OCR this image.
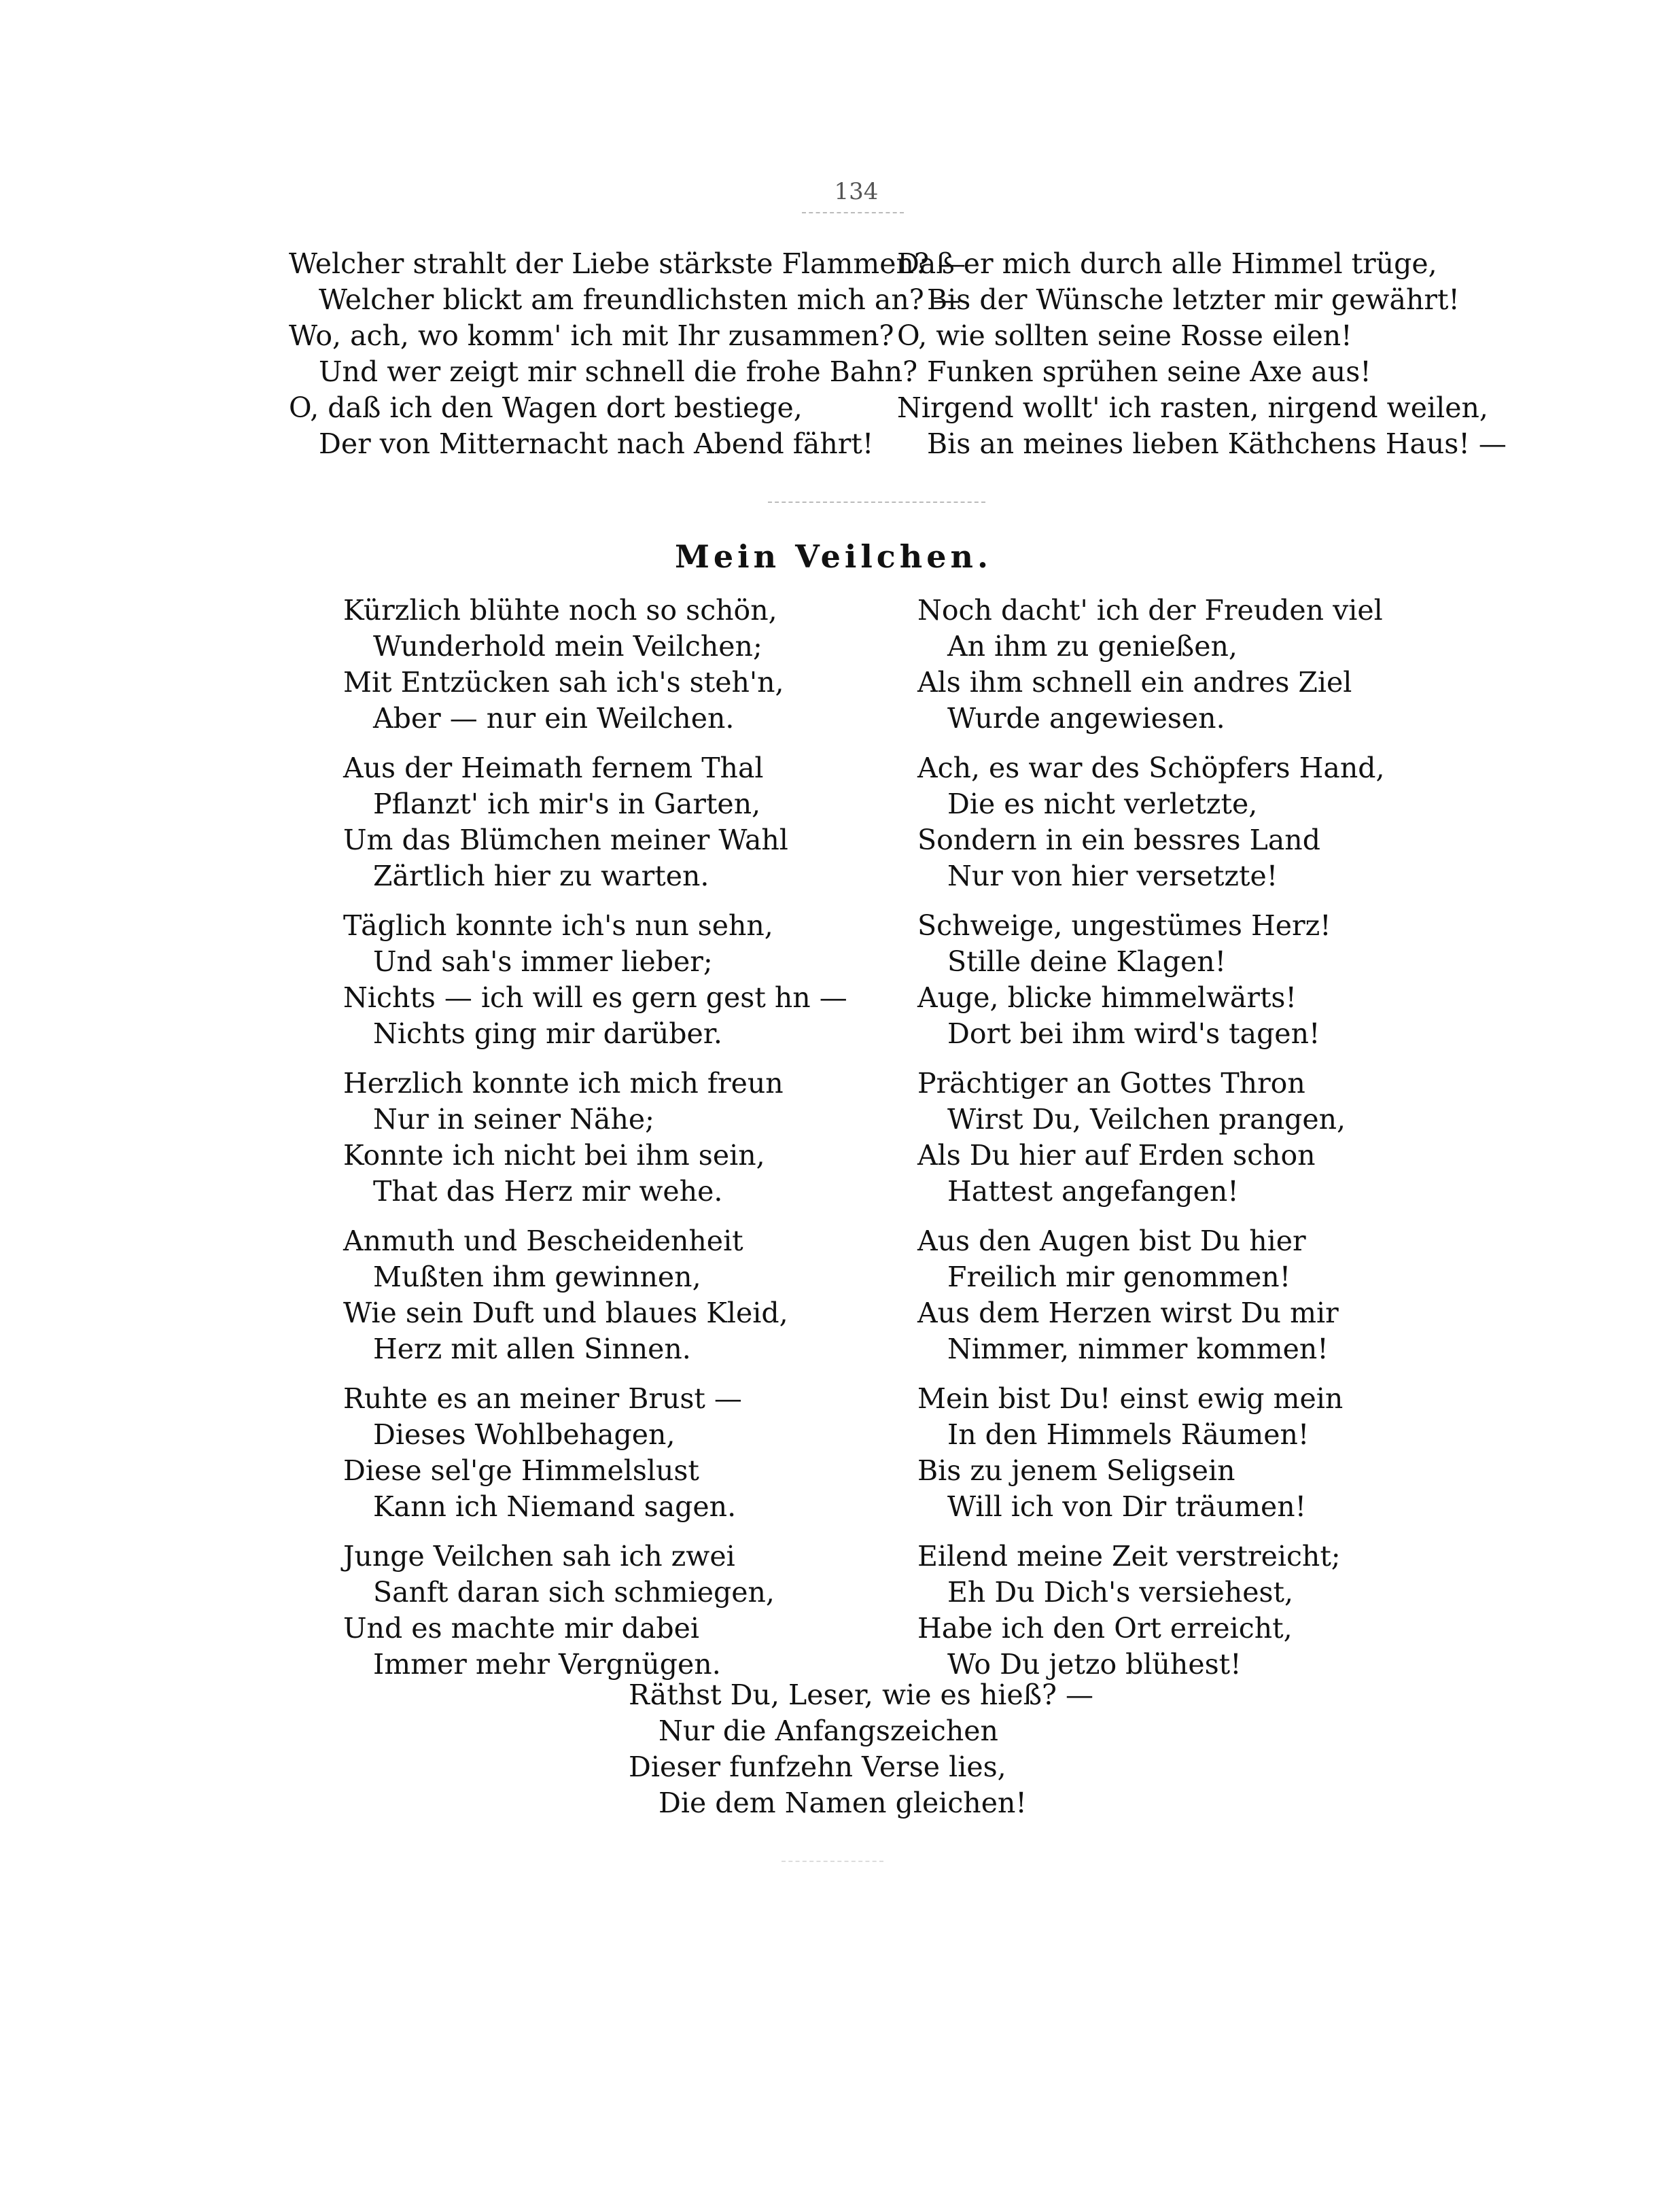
134
Welcher strahlt der Liebe stärkste Flammen? —
Welcher blickt am freundlichsten mich an? —
Wo, ach, wo komm' ich mit Ihr zusammen?
Und wer zeigt mir schnell die frohe Bahn?
O, daß ich den Wagen dort bestiege,
Der von Mitternacht nach Abend fährt!
Daß er mich durch alle Himmel trüge,
Bis der Wünsche letzter mir gewährt!
O, wie sollten seine Rosse eilen!
Funken sprühen seine Axe aus!
Nirgend wollt' ich rasten, nirgend weilen,
Bis an meines lieben Käthchens Haus! —
Mein Veilchen.
Kürzlich blühte noch so schön,
Wunderhold mein Veilchen;
Mit Entzücken sah ich's steh'n,
Aber — nur ein Weilchen.
Aus der Heimath fernem Thal
Pflanzt' ich mir's in Garten,
Um das Blümchen meiner Wahl
Zärtlich hier zu warten.
Täglich konnte ich's nun sehn,
Und sah's immer lieber;
Nichts — ich will es gern gest hn —
Nichts ging mir darüber.
Herzlich konnte ich mich freun
Nur in seiner Nähe;
Konnte ich nicht bei ihm sein,
That das Herz mir wehe.
Anmuth und Bescheidenheit
Mußten ihm gewinnen,
Wie sein Duft und blaues Kleid,
Herz mit allen Sinnen.
Ruhte es an meiner Brust —
Dieses Wohlbehagen,
Diese sel'ge Himmelslust
Kann ich Niemand sagen.
Junge Veilchen sah ich zwei
Sanft daran sich schmiegen,
Und es machte mir dabei
Immer mehr Vergnügen.
Noch dacht' ich der Freuden viel
An ihm zu genießen,
Als ihm schnell ein andres Ziel
Wurde angewiesen.
Ach, es war des Schöpfers Hand,
Die es nicht verletzte,
Sondern in ein bessres Land
Nur von hier versetzte!
Schweige, ungestümes Herz!
Stille deine Klagen!
Auge, blicke himmelwärts!
Dort bei ihm wird's tagen!
Prächtiger an Gottes Thron
Wirst Du, Veilchen prangen,
Als Du hier auf Erden schon
Hattest angefangen!
Aus den Augen bist Du hier
Freilich mir genommen!
Aus dem Herzen wirst Du mir
Nimmer, nimmer kommen!
Mein bist Du! einst ewig mein
In den Himmels Räumen!
Bis zu jenem Seligsein
Will ich von Dir träumen!
Eilend meine Zeit verstreicht;
Eh Du Dich's versiehest,
Habe ich den Ort erreicht,
Wo Du jetzo blühest!
Räthst Du, Leser, wie es hieß? —
Nur die Anfangszeichen
Dieser funfzehn Verse lies,
Die dem Namen gleichen!
